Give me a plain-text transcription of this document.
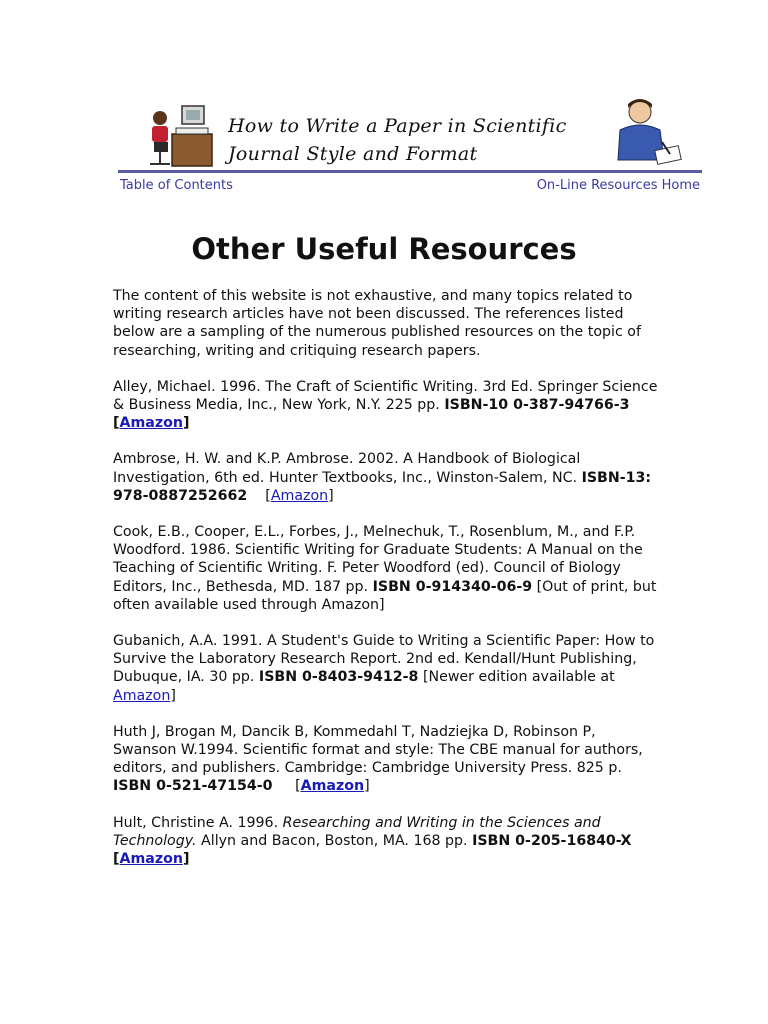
How to Write a Paper in Scientific
Journal Style and Format
Table of Contents	On-Line Resources Home
Other Useful Resources

The content of this website is not exhaustive, and many topics related to writing research articles have not been discussed. The references listed below are a sampling of the numerous published resources on the topic of researching, writing and critiquing research papers.

Alley, Michael. 1996. The Craft of Scientific Writing. 3rd Ed. Springer Science & Business Media, Inc., New York, N.Y. 225 pp. ISBN-10 0-387-94766-3 [Amazon]

Ambrose, H. W. and K.P. Ambrose. 2002. A Handbook of Biological Investigation, 6th ed. Hunter Textbooks, Inc., Winston-Salem, NC. ISBN-13: 978-0887252662    [Amazon]

Cook, E.B., Cooper, E.L., Forbes, J., Melnechuk, T., Rosenblum, M., and F.P. Woodford. 1986. Scientific Writing for Graduate Students: A Manual on the Teaching of Scientific Writing. F. Peter Woodford (ed). Council of Biology Editors, Inc., Bethesda, MD. 187 pp. ISBN 0-914340-06-9 [Out of print, but often available used through Amazon]

Gubanich, A.A. 1991. A Student's Guide to Writing a Scientific Paper: How to Survive the Laboratory Research Report. 2nd ed. Kendall/Hunt Publishing, Dubuque, IA. 30 pp. ISBN 0-8403-9412-8 [Newer edition available at Amazon]

Huth J, Brogan M, Dancik B, Kommedahl T, Nadziejka D, Robinson P, Swanson W.1994. Scientific format and style: The CBE manual for authors, editors, and publishers. Cambridge: Cambridge University Press. 825 p. ISBN 0-521-47154-0     [Amazon]

Hult, Christine A. 1996. Researching and Writing in the Sciences and Technology. Allyn and Bacon, Boston, MA. 168 pp. ISBN 0-205-16840-X [Amazon]
